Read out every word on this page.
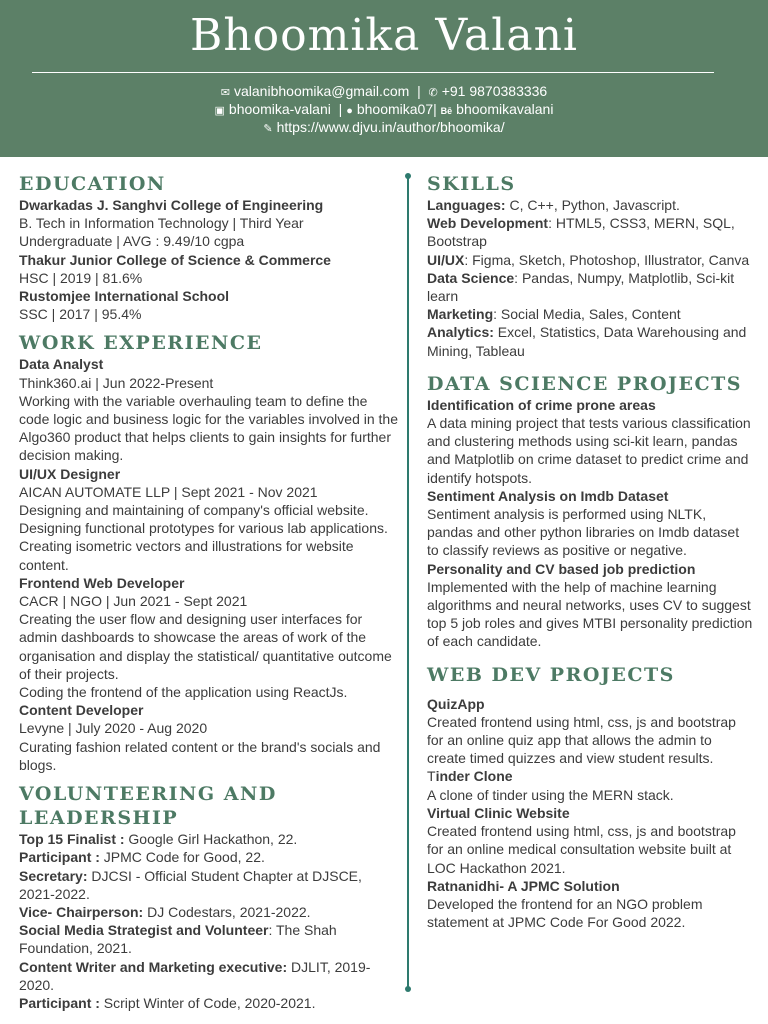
Bhoomika Valani
✉ valanibhoomika@gmail.com | ✆ +91 9870383336
▣ bhoomika-valani | ● bhoomika07| Bē bhoomikavalani
✎ https://www.djvu.in/author/bhoomika/
EDUCATION

Dwarkadas J. Sanghvi College of Engineering

B. Tech in Information Technology | Third Year

Undergraduate | AVG : 9.49/10 cgpa

Thakur Junior College of Science & Commerce

HSC | 2019 | 81.6%

Rustomjee International School

SSC | 2017 | 95.4%

WORK EXPERIENCE

Data Analyst

Think360.ai | Jun 2022-Present

Working with the variable overhauling team to define the code logic and business logic for the variables involved in the Algo360 product that helps clients to gain insights for further decision making.

UI/UX Designer

AICAN AUTOMATE LLP | Sept 2021 - Nov 2021

Designing and maintaining of company's official website.

Designing functional prototypes for various lab applications.

Creating isometric vectors and illustrations for website content.

Frontend Web Developer

CACR | NGO | Jun 2021 - Sept 2021

Creating the user flow and designing user interfaces for admin dashboards to showcase the areas of work of the organisation and display the statistical/ quantitative outcome of their projects.

Coding the frontend of the application using ReactJs.

Content Developer

Levyne | July 2020 - Aug 2020

Curating fashion related content or the brand's socials and blogs.

VOLUNTEERING AND LEADERSHIP

Top 15 Finalist : Google Girl Hackathon, 22.

Participant : JPMC Code for Good, 22.

Secretary: DJCSI - Official Student Chapter at DJSCE, 2021-2022.

Vice- Chairperson: DJ Codestars, 2021-2022.

Social Media Strategist and Volunteer: The Shah Foundation, 2021.

Content Writer and Marketing executive: DJLIT, 2019-2020.

Participant : Script Winter of Code, 2020-2021.

SKILLS

Languages: C, C++, Python, Javascript.

Web Development: HTML5, CSS3, MERN, SQL, Bootstrap

UI/UX: Figma, Sketch, Photoshop, Illustrator, Canva

Data Science: Pandas, Numpy, Matplotlib, Sci-kit learn

Marketing: Social Media, Sales, Content

Analytics: Excel, Statistics, Data Warehousing and Mining, Tableau

DATA SCIENCE PROJECTS

Identification of crime prone areas

A data mining project that tests various classification and clustering methods using sci-kit learn, pandas and Matplotlib on crime dataset to predict crime and identify hotspots.

Sentiment Analysis on Imdb Dataset

Sentiment analysis is performed using NLTK, pandas and other python libraries on Imdb dataset to classify reviews as positive or negative.

Personality and CV based job prediction

Implemented with the help of machine learning algorithms and neural networks, uses CV to suggest top 5 job roles and gives MTBI personality prediction of each candidate.

WEB DEV PROJECTS

QuizApp

Created frontend using html, css, js and bootstrap for an online quiz app that allows the admin to create timed quizzes and view student results.

Tinder Clone

A clone of tinder using the MERN stack.

Virtual Clinic Website

Created frontend using html, css, js and bootstrap for an online medical consultation website built at LOC Hackathon 2021.

Ratnanidhi- A JPMC Solution

Developed the frontend for an NGO problem statement at JPMC Code For Good 2022.
